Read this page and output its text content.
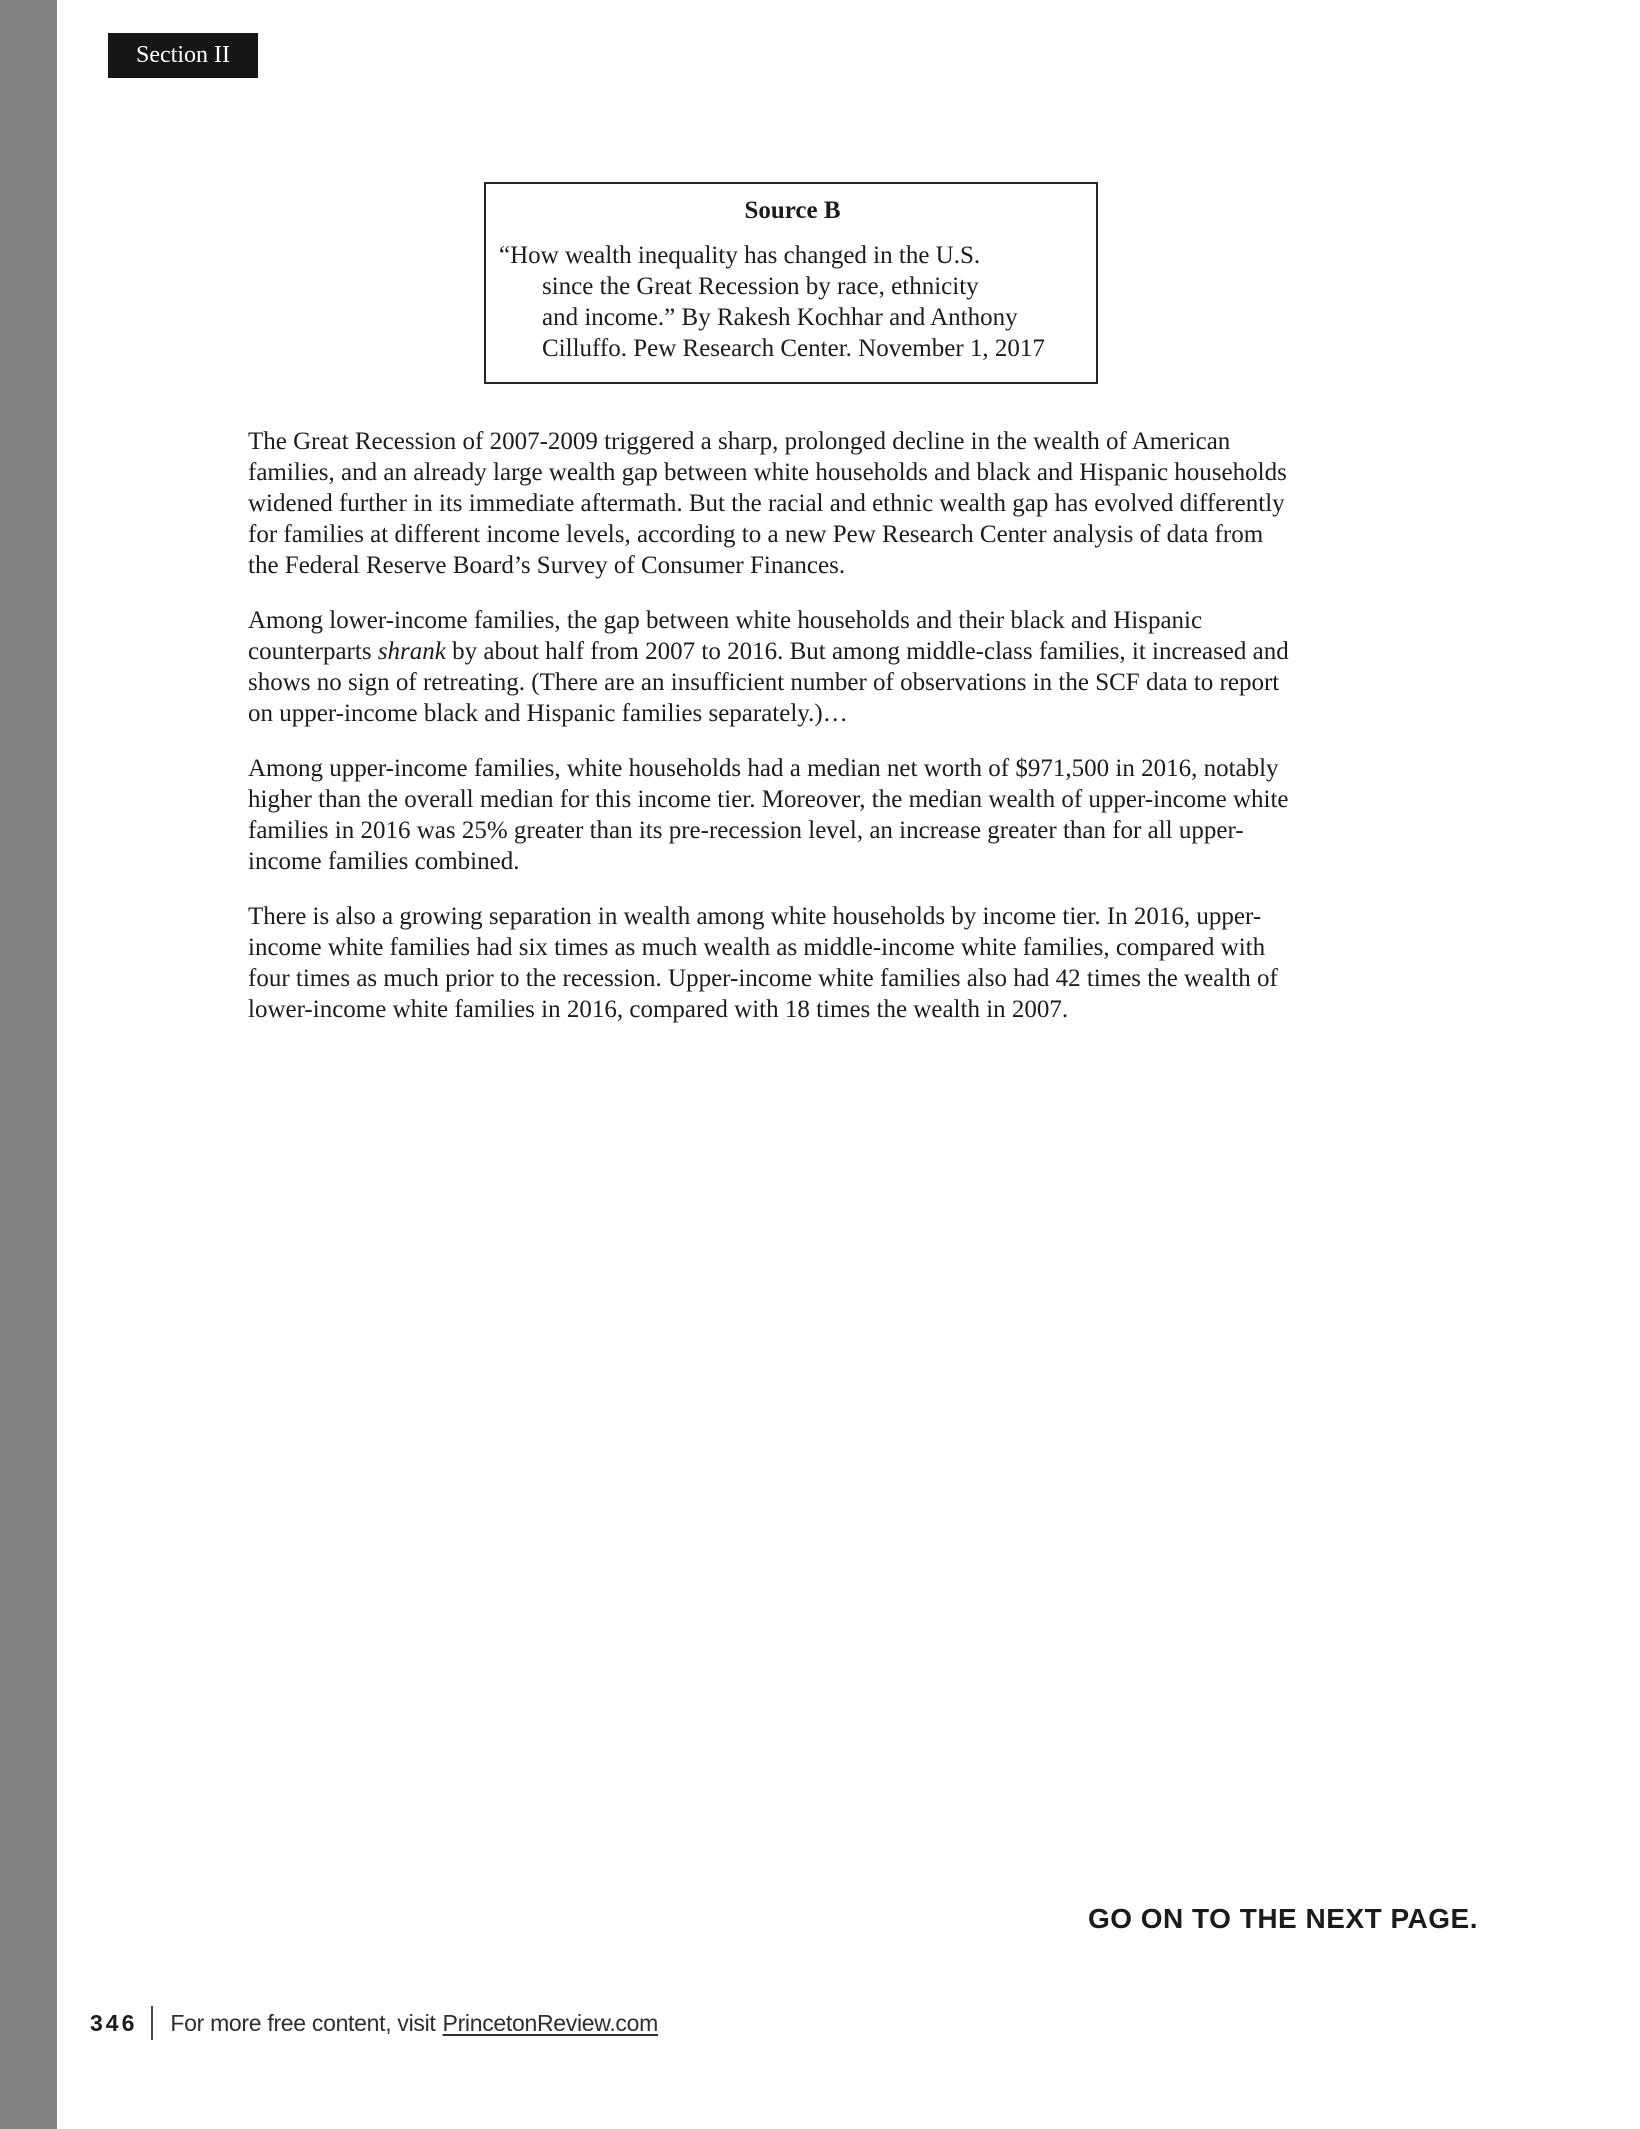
Section II
Source B
“How wealth inequality has changed in the U.S.
since the Great Recession by race, ethnicity
and income.” By Rakesh Kochhar and Anthony
Cilluffo. Pew Research Center. November 1, 2017
The Great Recession of 2007-2009 triggered a sharp, prolonged decline in the wealth of American
families, and an already large wealth gap between white households and black and Hispanic households
widened further in its immediate aftermath. But the racial and ethnic wealth gap has evolved differently
for families at different income levels, according to a new Pew Research Center analysis of data from
the Federal Reserve Board’s Survey of Consumer Finances.
Among lower-income families, the gap between white households and their black and Hispanic
counterparts shrank by about half from 2007 to 2016. But among middle-class families, it increased and
shows no sign of retreating. (There are an insufficient number of observations in the SCF data to report
on upper-income black and Hispanic families separately.)…
Among upper-income families, white households had a median net worth of $971,500 in 2016, notably
higher than the overall median for this income tier. Moreover, the median wealth of upper-income white
families in 2016 was 25% greater than its pre-recession level, an increase greater than for all upper-
income families combined.
There is also a growing separation in wealth among white households by income tier. In 2016, upper-
income white families had six times as much wealth as middle-income white families, compared with
four times as much prior to the recession. Upper-income white families also had 42 times the wealth of
lower-income white families in 2016, compared with 18 times the wealth in 2007.
GO ON TO THE NEXT PAGE.
346 For more free content, visit PrincetonReview.com
